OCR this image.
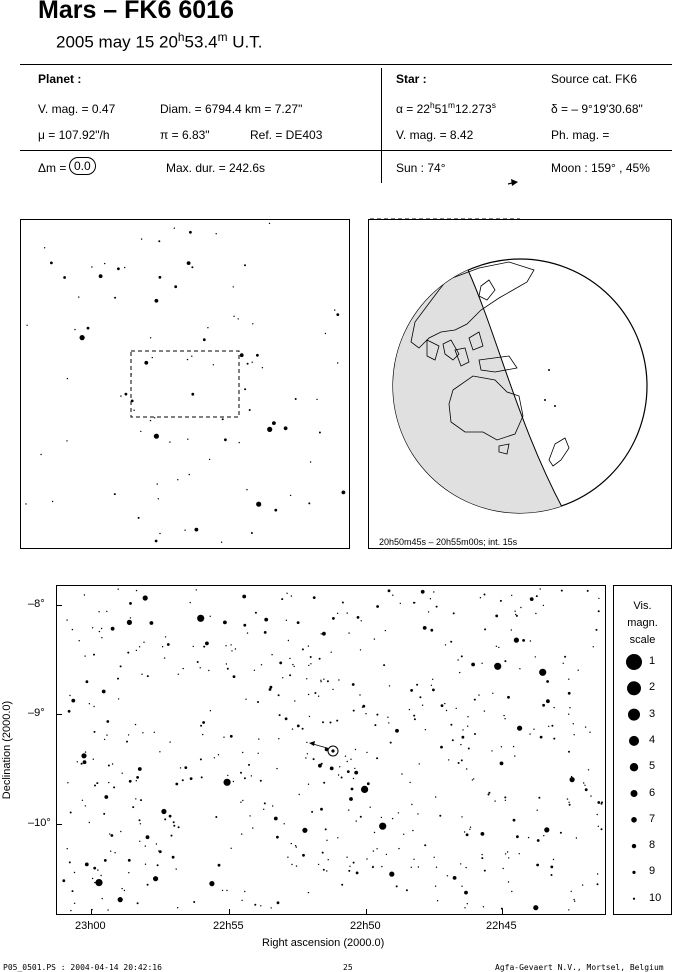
Mars – FK6 6016
2005 may 15 20$^h$53.4$^m$ U.T.
Planet :
V. mag. = 0.47	Diam. = 6794.4 km = 7.27"
μ = 107.92"/h	π = 6.83"	Ref. = DE403
Star :	Source cat. FK6
$\alpha = 22^h51^m12.273^s$	δ = – 9°19'30.68"
V. mag. = 8.42	Ph. mag. =
Δm = 0.0	Max. dur. = 242.6s	Sun : 74°	Moon : 159° , 45%
20h50m45s – 20h55m00s; int. 15s
–8°
–9°
–10°
23h00	22h55	22h50	22h45
Right ascension (2000.0)
Declination (2000.0)
Vis.
magn.
scale
1
2
3
4
5
6
7
8
9
10
P05_0501.PS : 2004-04-14 20:42:16	25	Agfa-Gevaert N.V., Mortsel, Belgium
